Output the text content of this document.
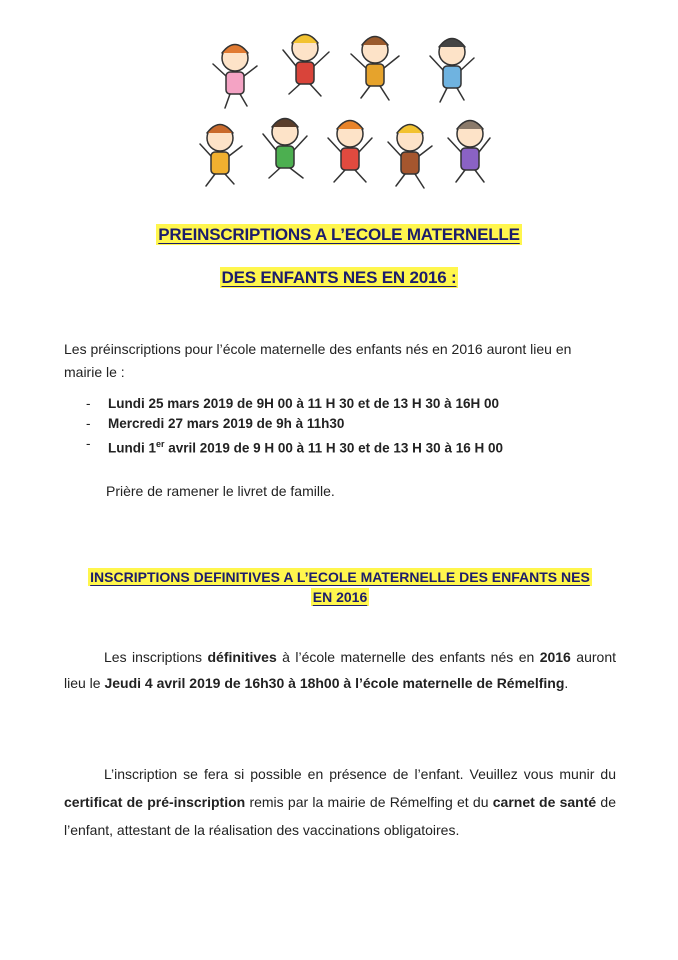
PREINSCRIPTIONS A L’ECOLE MATERNELLE
DES ENFANTS NES EN 2016 :
Les préinscriptions pour l’école maternelle des enfants nés en 2016 auront lieu en
mairie le :
- Lundi 25 mars 2019 de 9H 00 à 11 H 30 et de 13 H 30 à 16H 00
- Mercredi 27 mars 2019 de 9h à 11h30
- Lundi 1er avril 2019 de 9 H 00 à 11 H 30 et de 13 H 30 à 16 H 00
Prière de ramener le livret de famille.
INSCRIPTIONS DEFINITIVES A L’ECOLE MATERNELLE DES ENFANTS NES
EN 2016
Les inscriptions définitives à l’école maternelle des enfants nés en 2016 auront lieu le Jeudi 4 avril 2019 de 16h30 à 18h00 à l’école maternelle de Rémelfing.
L’inscription se fera si possible en présence de l’enfant. Veuillez vous munir du certificat de pré-inscription remis par la mairie de Rémelfing et du carnet de santé de l’enfant, attestant de la réalisation des vaccinations obligatoires.
